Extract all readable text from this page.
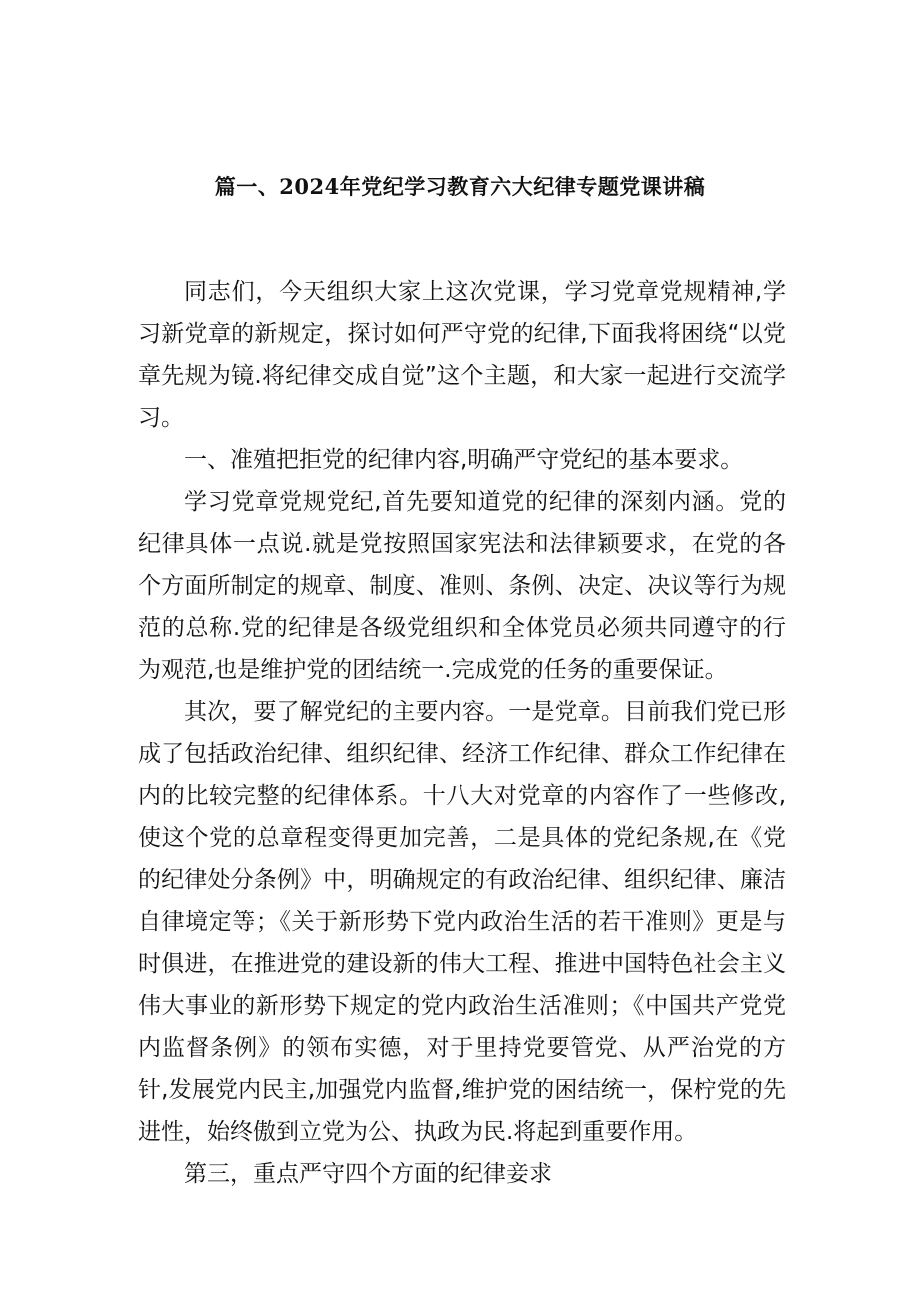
篇一、2024年党纪学习教育六大纪律专题党课讲稿

同志们，今天组织大家上这次党课，学习党章党规精神,学习新党章的新规定，探讨如何严守党的纪律,下面我将困绕“以党章先规为镜.将纪律交成自觉”这个主题，和大家一起进行交流学习。

一、准殖把拒党的纪律内容,明确严守党纪的基本要求。

学习党章党规党纪,首先要知道党的纪律的深刻内涵。党的纪律具体一点说.就是党按照国家宪法和法律颖要求，在党的各个方面所制定的规章、制度、准则、条例、决定、决议等行为规范的总称.党的纪律是各级党组织和全体党员必须共同遵守的行为观范,也是维护党的团结统一.完成党的任务的重要保证。

其次，要了解党纪的主要内容。一是党章。目前我们党已形成了包括政治纪律、组织纪律、经济工作纪律、群众工作纪律在内的比较完整的纪律体系。十八大对党章的内容作了一些修改,使这个党的总章程变得更加完善，二是具体的党纪条规,在《党的纪律处分条例》中，明确规定的有政治纪律、组织纪律、廉洁自律境定等；《关于新形势下党内政治生活的若干准则》更是与时俱进，在推进党的建设新的伟大工程、推进中国特色社会主义伟大事业的新形势下规定的党内政治生活准则；《中国共产党党内监督条例》的领布实德，对于里持党要管党、从严治党的方针,发展党内民主,加强党内监督,维护党的困结统一，保柠党的先进性，始终傲到立党为公、执政为民.将起到重要作用。

第三，重点严守四个方面的纪律妾求
